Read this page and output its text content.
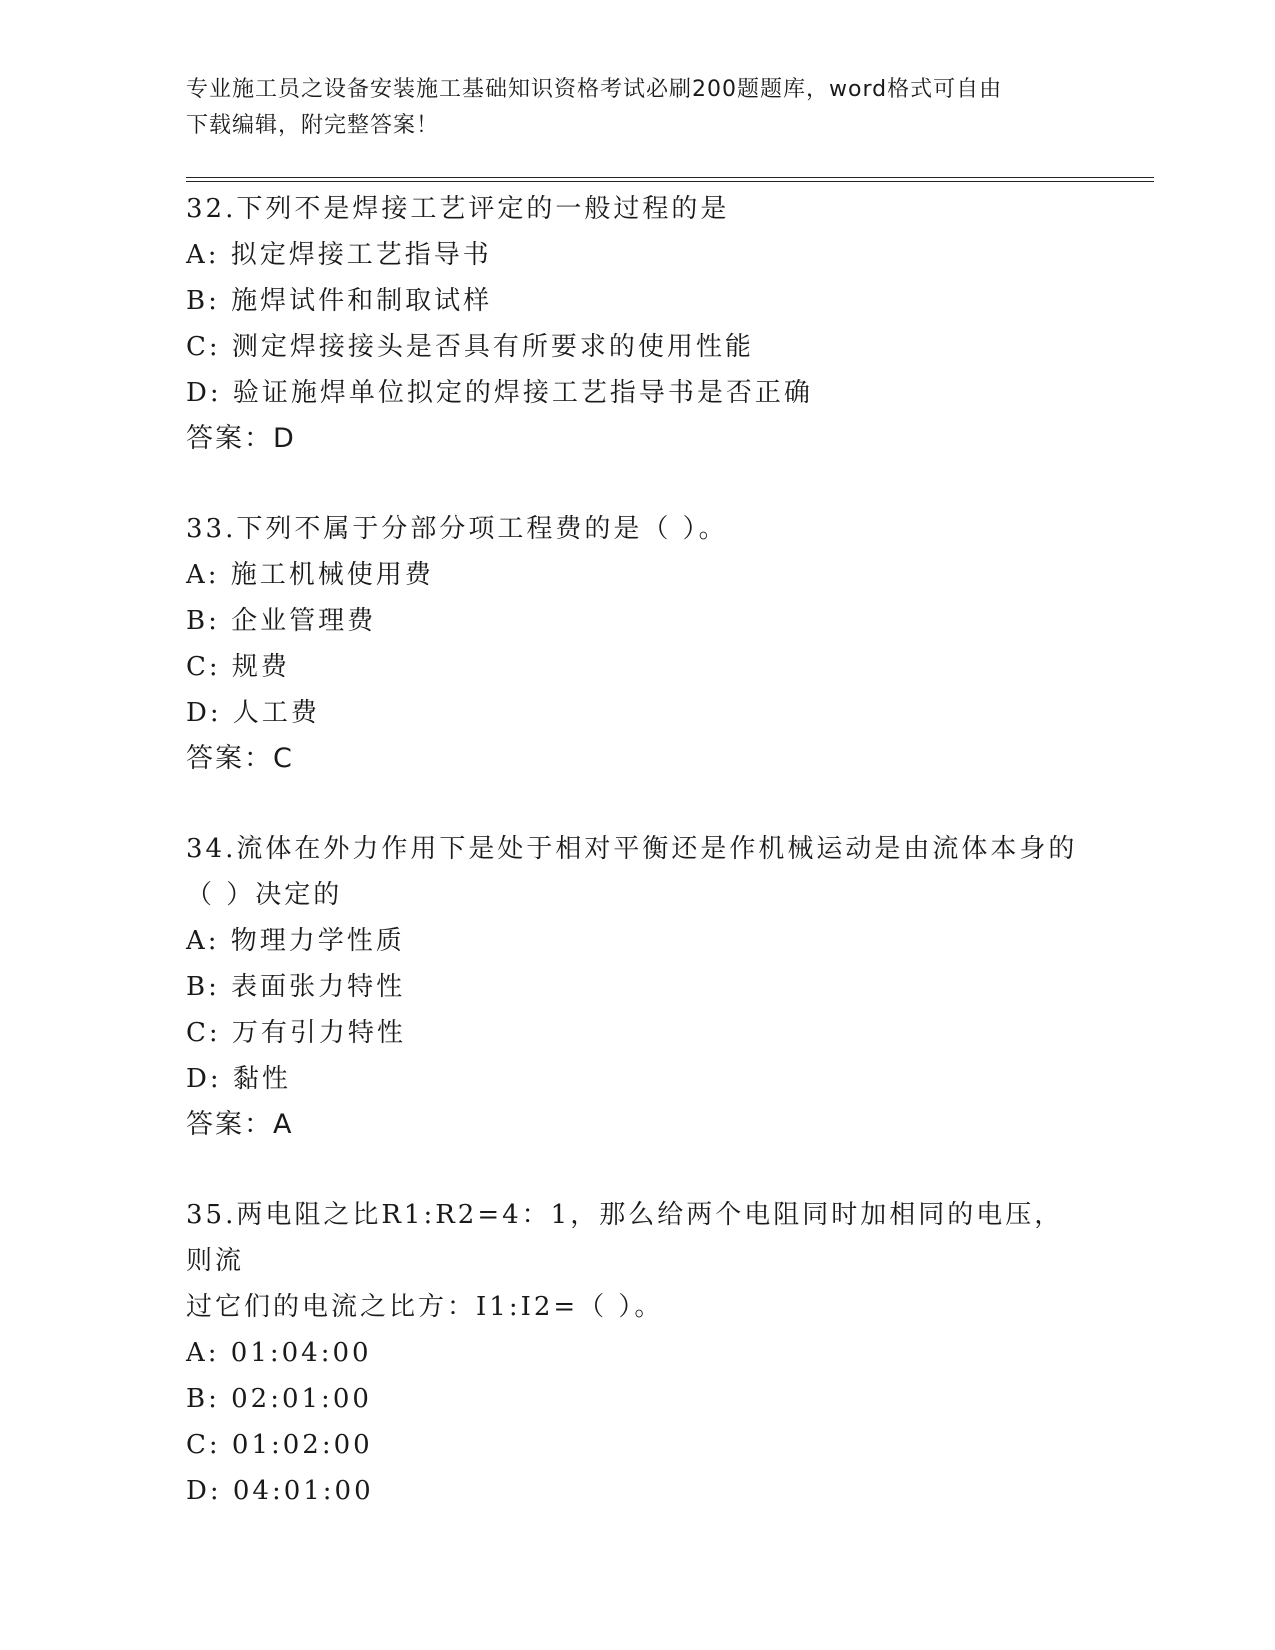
专业施工员之设备安装施工基础知识资格考试必刷200题题库，word格式可自由
下载编辑，附完整答案！
32.下列不是焊接工艺评定的一般过程的是
A: 拟定焊接工艺指导书
B: 施焊试件和制取试样
C: 测定焊接接头是否具有所要求的使用性能
D: 验证施焊单位拟定的焊接工艺指导书是否正确
答案：D
33.下列不属于分部分项工程费的是（ ）。
A: 施工机械使用费
B: 企业管理费
C: 规费
D: 人工费
答案：C
34.流体在外力作用下是处于相对平衡还是作机械运动是由流体本身的
（ ）决定的
A: 物理力学性质
B: 表面张力特性
C: 万有引力特性
D: 黏性
答案：A
35.两电阻之比R1:R2=4：1，那么给两个电阻同时加相同的电压，则流
过它们的电流之比方：I1:I2=（ ）。
A: 01:04:00
B: 02:01:00
C: 01:02:00
D: 04:01:00
